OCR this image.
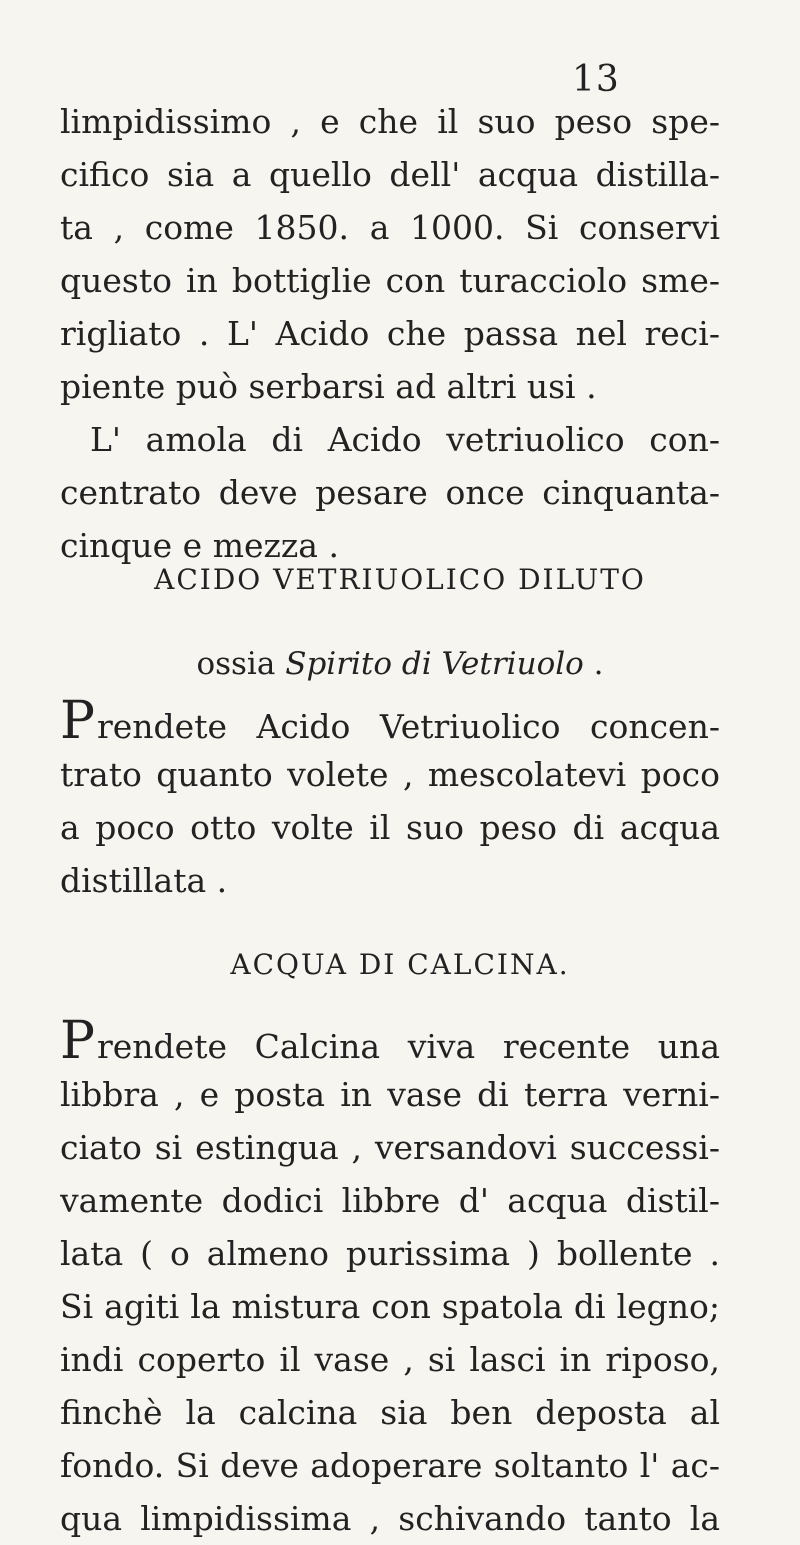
13
limpidissimo , e che il suo peso spe-
cifico sia a quello dell' acqua distilla-
ta , come 1850. a 1000. Si conservi
questo in bottiglie con turacciolo sme-
rigliato . L' Acido che passa nel reci-
piente può serbarsi ad altri usi .
L' amola di Acido vetriuolico con-
centrato deve pesare once cinquanta-
cinque e mezza .
ACIDO VETRIUOLICO DILUTO
ossia Spirito di Vetriuolo .
P rendete Acido Vetriuolico concen-
trato quanto volete , mescolatevi poco
a poco otto volte il suo peso di acqua
distillata .
ACQUA DI CALCINA.
P rendete Calcina viva recente una
libbra , e posta in vase di terra verni-
ciato si estingua , versandovi successi-
vamente dodici libbre d' acqua distil-
lata ( o almeno purissima ) bollente .
Si agiti la mistura con spatola di legno;
indi coperto il vase , si lasci in riposo,
finchè la calcina sia ben deposta al
fondo. Si deve adoperare soltanto l' ac-
qua limpidissima , schivando tanto la
